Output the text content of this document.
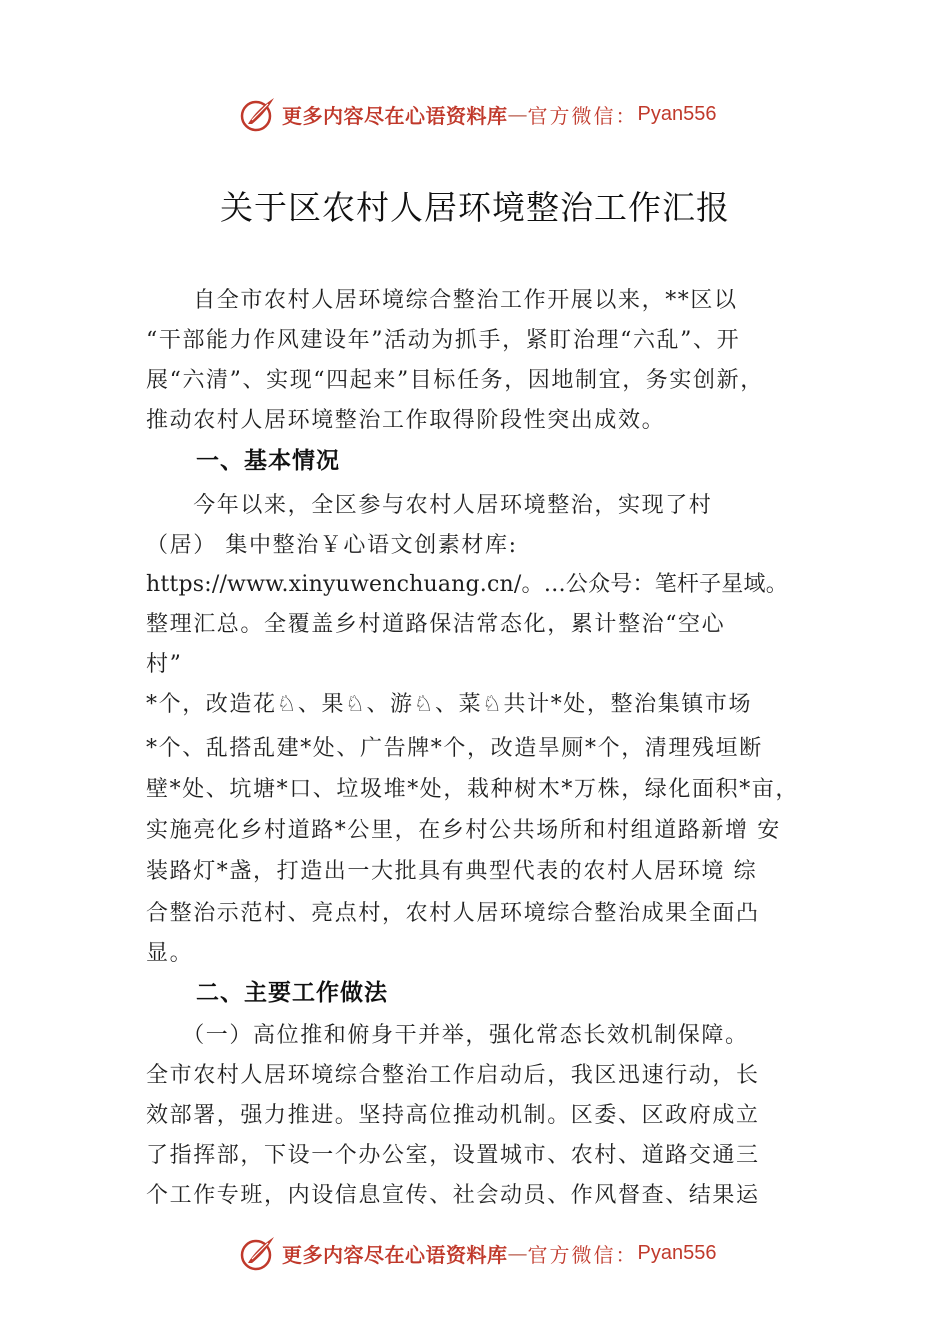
更多内容尽在心语资料库 — 官方微信： Pyan556
关于区农村人居环境整治工作汇报
　　自全市农村人居环境综合整治工作开展以来，**区以
“干部能力作风建设年”活动为抓手，紧盯治理“六乱”、开
展“六清”、实现“四起来”目标任务，因地制宜，务实创新，
推动农村人居环境整治工作取得阶段性突出成效。
一、基本情况
　　今年以来，全区参与农村人居环境整治，实现了村
（居） 集中整治￥心语文创素材库:
https://www.xinyuwenchuang.cn/。…公众号：笔杆子星域。
整理汇总。全覆盖乡村道路保洁常态化，累计整治“空心
村”
*个，改造花♘、果♘、游♘、菜♘共计*处，整治集镇市场
*个、乱搭乱建*处、广告牌*个，改造旱厕*个，清理残垣断
壁*处、坑塘*口、垃圾堆*处，栽种树木*万株，绿化面积*亩，
实施亮化乡村道路*公里，在乡村公共场所和村组道路新增 安
装路灯*盏，打造出一大批具有典型代表的农村人居环境 综
合整治示范村、亮点村，农村人居环境综合整治成果全面凸
显。
二、主要工作做法
　　（一）高位推和俯身干并举，强化常态长效机制保障。
全市农村人居环境综合整治工作启动后，我区迅速行动，长
效部署，强力推进。坚持高位推动机制。区委、区政府成立
了指挥部，下设一个办公室，设置城市、农村、道路交通三
个工作专班，内设信息宣传、社会动员、作风督查、结果运
更多内容尽在心语资料库 — 官方微信： Pyan556
